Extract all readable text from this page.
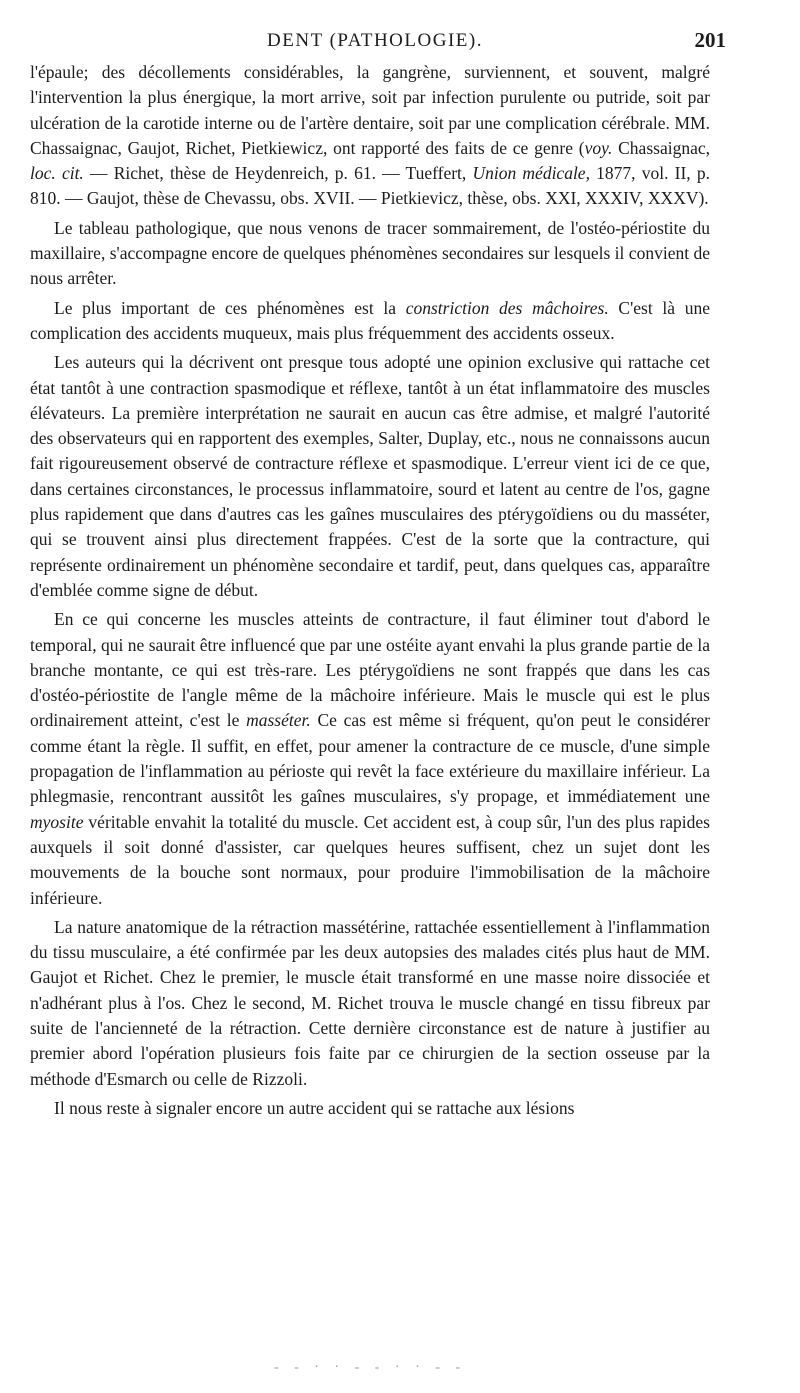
DENT (PATHOLOGIE).	201

l'épaule; des décollements considérables, la gangrène, surviennent, et souvent, malgré l'intervention la plus énergique, la mort arrive, soit par infection purulente ou putride, soit par ulcération de la carotide interne ou de l'artère dentaire, soit par une complication cérébrale. MM. Chassaignac, Gaujot, Richet, Pietkiewicz, ont rapporté des faits de ce genre (voy. Chassaignac, loc. cit. — Richet, thèse de Heydenreich, p. 61. — Tueffert, Union médicale, 1877, vol. II, p. 810. — Gaujot, thèse de Chevassu, obs. XVII. — Pietkievicz, thèse, obs. XXI, XXXIV, XXXV).

Le tableau pathologique, que nous venons de tracer sommairement, de l'ostéo-périostite du maxillaire, s'accompagne encore de quelques phénomènes secondaires sur lesquels il convient de nous arrêter.

Le plus important de ces phénomènes est la constriction des mâchoires. C'est là une complication des accidents muqueux, mais plus fréquemment des accidents osseux.

Les auteurs qui la décrivent ont presque tous adopté une opinion exclusive qui rattache cet état tantôt à une contraction spasmodique et réflexe, tantôt à un état inflammatoire des muscles élévateurs. La première interprétation ne saurait en aucun cas être admise, et malgré l'autorité des observateurs qui en rapportent des exemples, Salter, Duplay, etc., nous ne connaissons aucun fait rigoureusement observé de contracture réflexe et spasmodique. L'erreur vient ici de ce que, dans certaines circonstances, le processus inflammatoire, sourd et latent au centre de l'os, gagne plus rapidement que dans d'autres cas les gaînes musculaires des ptérygoïdiens ou du masséter, qui se trouvent ainsi plus directement frappées. C'est de la sorte que la contracture, qui représente ordinairement un phénomène secondaire et tardif, peut, dans quelques cas, apparaître d'emblée comme signe de début.

En ce qui concerne les muscles atteints de contracture, il faut éliminer tout d'abord le temporal, qui ne saurait être influencé que par une ostéite ayant envahi la plus grande partie de la branche montante, ce qui est très-rare. Les ptérygoïdiens ne sont frappés que dans les cas d'ostéo-périostite de l'angle même de la mâchoire inférieure. Mais le muscle qui est le plus ordinairement atteint, c'est le masséter. Ce cas est même si fréquent, qu'on peut le considérer comme étant la règle. Il suffit, en effet, pour amener la contracture de ce muscle, d'une simple propagation de l'inflammation au périoste qui revêt la face extérieure du maxillaire inférieur. La phlegmasie, rencontrant aussitôt les gaînes musculaires, s'y propage, et immédiatement une myosite véritable envahit la totalité du muscle. Cet accident est, à coup sûr, l'un des plus rapides auxquels il soit donné d'assister, car quelques heures suffisent, chez un sujet dont les mouvements de la bouche sont normaux, pour produire l'immobilisation de la mâchoire inférieure.

La nature anatomique de la rétraction massétérine, rattachée essentiellement à l'inflammation du tissu musculaire, a été confirmée par les deux autopsies des malades cités plus haut de MM. Gaujot et Richet. Chez le premier, le muscle était transformé en une masse noire dissociée et n'adhérant plus à l'os. Chez le second, M. Richet trouva le muscle changé en tissu fibreux par suite de l'ancienneté de la rétraction. Cette dernière circonstance est de nature à justifier au premier abord l'opération plusieurs fois faite par ce chirurgien de la section osseuse par la méthode d'Esmarch ou celle de Rizzoli.

Il nous reste à signaler encore un autre accident qui se rattache aux lésions

- - · · - - · · - -
